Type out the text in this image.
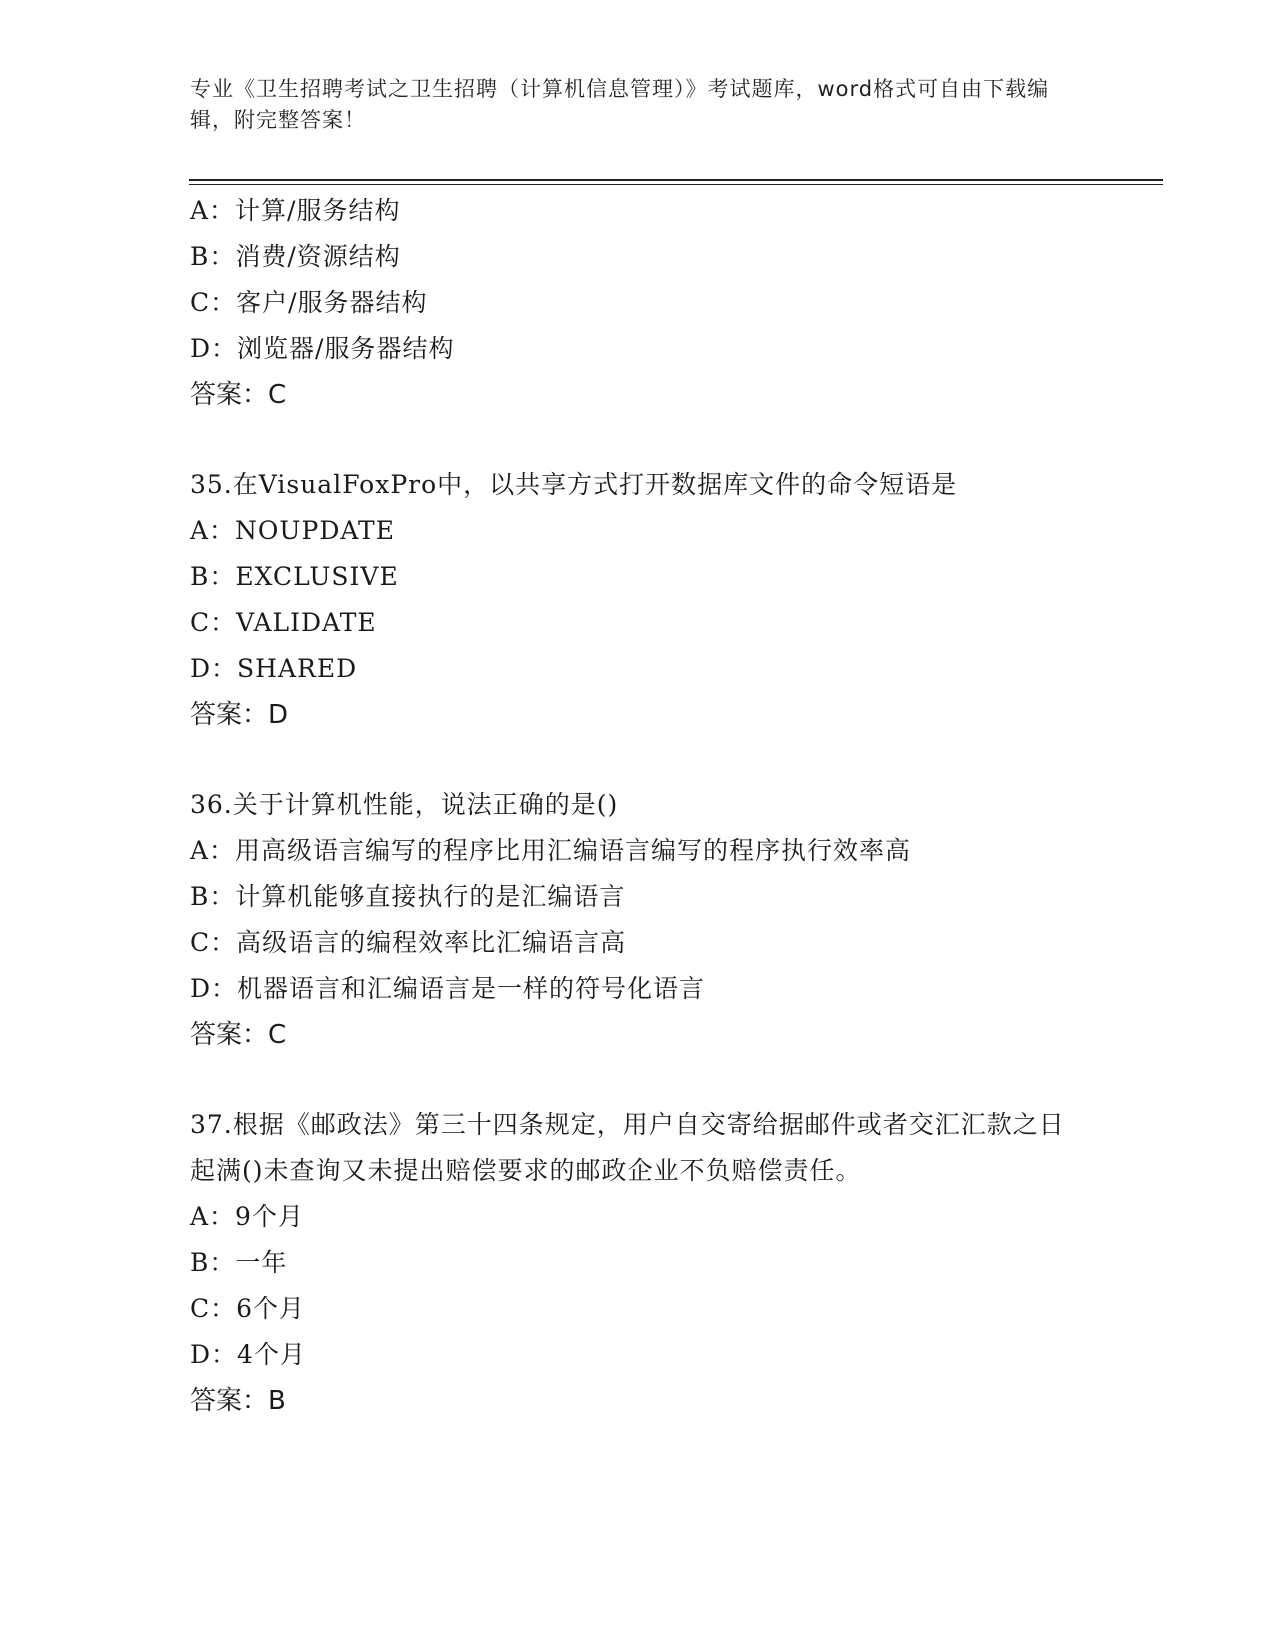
专业《卫生招聘考试之卫生招聘（计算机信息管理）》考试题库，word格式可自由下载编辑，附完整答案！
A：计算/服务结构
B：消费/资源结构
C：客户/服务器结构
D：浏览器/服务器结构
答案：C
35.在VisualFoxPro中，以共享方式打开数据库文件的命令短语是
A：NOUPDATE
B：EXCLUSIVE
C：VALIDATE
D：SHARED
答案：D
36.关于计算机性能，说法正确的是()
A：用高级语言编写的程序比用汇编语言编写的程序执行效率高
B：计算机能够直接执行的是汇编语言
C：高级语言的编程效率比汇编语言高
D：机器语言和汇编语言是一样的符号化语言
答案：C
37.根据《邮政法》第三十四条规定，用户自交寄给据邮件或者交汇汇款之日起满()未查询又未提出赔偿要求的邮政企业不负赔偿责任。
A：9个月
B：一年
C：6个月
D：4个月
答案：B
